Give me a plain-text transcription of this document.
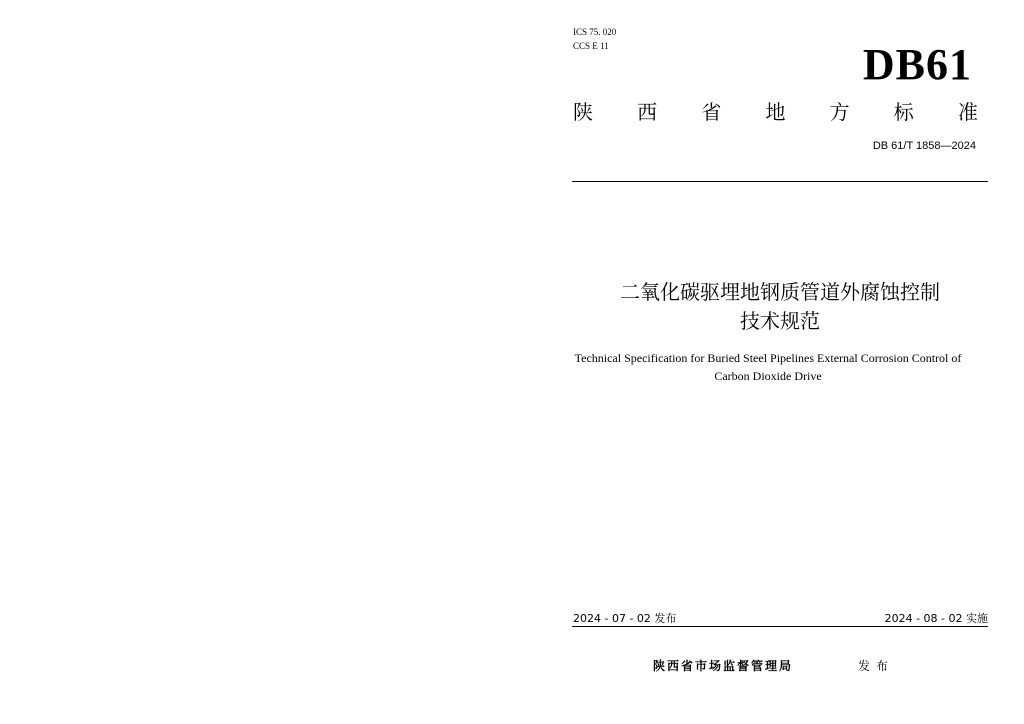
ICS 75. 020
CCS E 11	DB61
陕 西 省 地 方 标 准
DB 61/T 1858—2024
二氧化碳驱埋地钢质管道外腐蚀控制
技术规范
Technical Specification for Buried Steel Pipelines External Corrosion Control of
Carbon Dioxide Drive
2024 - 07 - 02 发布	2024 - 08 - 02 实施
陕西省市场监督管理局	发布
